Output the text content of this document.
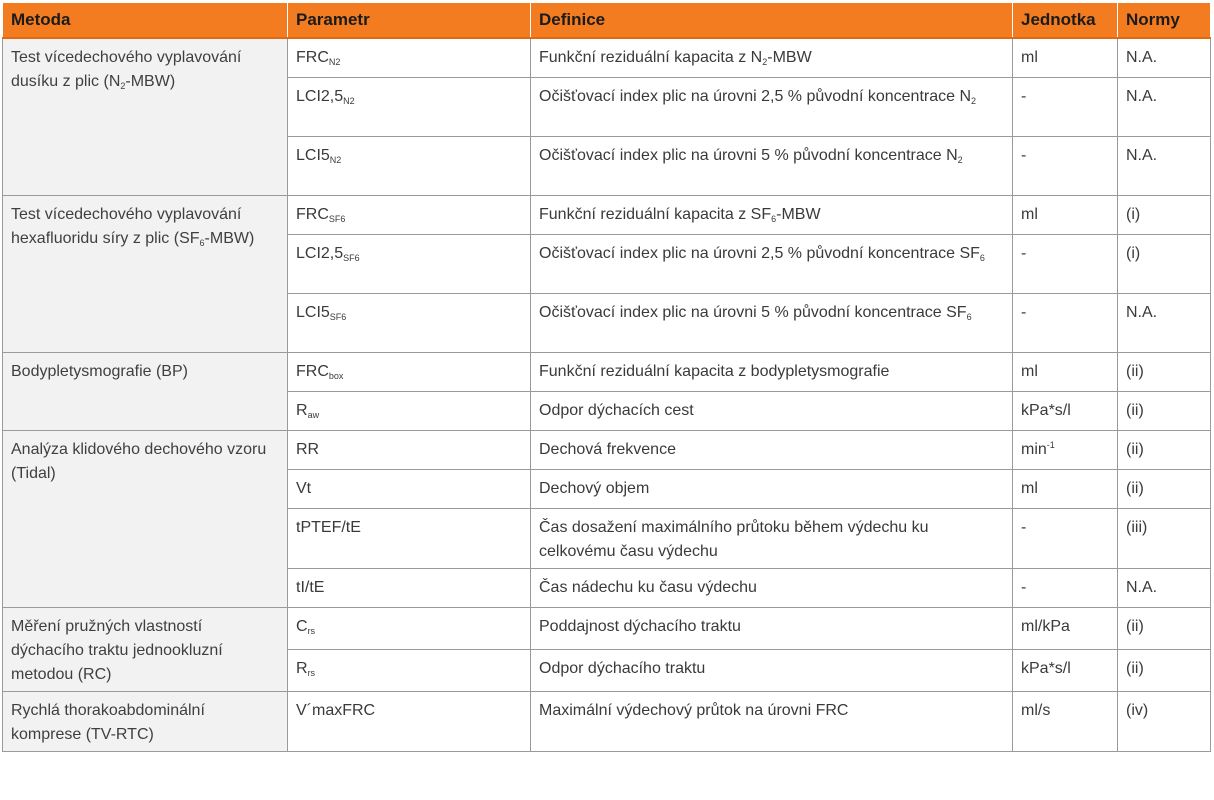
Metoda	Parametr	Definice	Jednotka	Normy
Test vícedechového vyplavování dusíku z plic $(N_2-MBW)$	$FRC_{N2}$	Funkční reziduální kapacita z $N_2$-MBW	ml	N.A.
	$LCI2,5_{N2}$	Očišťovací index plic na úrovni 2,5 % původní koncentrace $N_2$	-	N.A.
	$LCI5_{N2}$	Očišťovací index plic na úrovni 5 % původní koncentrace $N_2$	-	N.A.
Test vícedechového vyplavování hexafluoridu síry z plic $(SF_6-MBW)$	$FRC_{SF6}$	Funkční reziduální kapacita z $SF_6$-MBW	ml	(i)
	$LCI2,5_{SF6}$	Očišťovací index plic na úrovni 2,5 % původní koncentrace $SF_6$	-	(i)
	$LCI5_{SF6}$	Očišťovací index plic na úrovni 5 % původní koncentrace $SF_6$	-	N.A.
Bodypletysmografie (BP)	$FRC_{box}$	Funkční reziduální kapacita z bodypletysmografie	ml	(ii)
	$R_{aw}$	Odpor dýchacích cest	kPa*s/l	(ii)
Analýza klidového dechového vzoru (Tidal)	RR	Dechová frekvence	$\min^{-1}$	(ii)
	Vt	Dechový objem	ml	(ii)
	tPTEF/tE	Čas dosažení maximálního průtoku během výdechu ku celkovému času výdechu	-	(iii)
	tI/tE	Čas nádechu ku času výdechu	-	N.A.
Měření pružných vlastností dýchacího traktu jednookluzní metodou (RC)	$C_{rs}$	Poddajnost dýchacího traktu	ml/kPa	(ii)
	$R_{rs}$	Odpor dýchacího traktu	kPa*s/l	(ii)
Rychlá thorakoabdominální komprese (TV-RTC)	V´maxFRC	Maximální výdechový průtok na úrovni FRC	ml/s	(iv)
